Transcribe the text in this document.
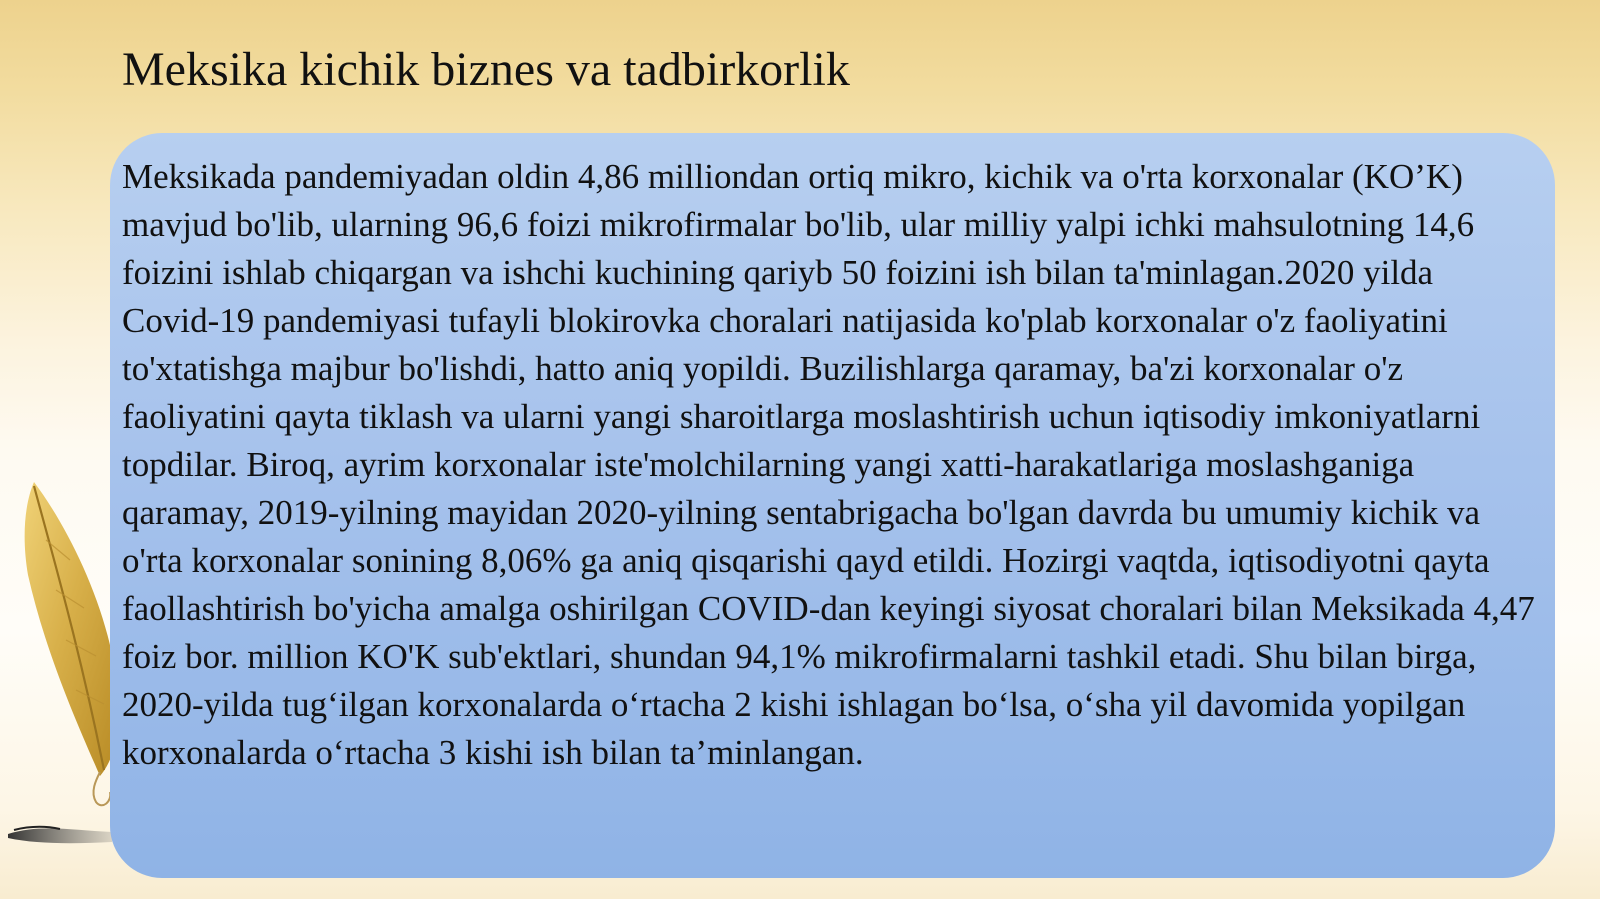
Meksika kichik biznes va tadbirkorlik

Meksikada pandemiyadan oldin 4,86 milliondan ortiq mikro, kichik va o'rta korxonalar (KO’K) mavjud bo'lib, ularning 96,6 foizi mikrofirmalar bo'lib, ular milliy yalpi ichki mahsulotning 14,6 foizini ishlab chiqargan va ishchi kuchining qariyb 50 foizini ish bilan ta'minlagan.2020 yilda Covid-19 pandemiyasi tufayli blokirovka choralari natijasida ko'plab korxonalar o'z faoliyatini to'xtatishga majbur bo'lishdi, hatto aniq yopildi. Buzilishlarga qaramay, ba'zi korxonalar o'z faoliyatini qayta tiklash va ularni yangi sharoitlarga moslashtirish uchun iqtisodiy imkoniyatlarni topdilar. Biroq, ayrim korxonalar iste'molchilarning yangi xatti-harakatlariga moslashganiga qaramay, 2019-yilning mayidan 2020-yilning sentabrigacha bo'lgan davrda bu umumiy kichik va o'rta korxonalar sonining 8,06% ga aniq qisqarishi qayd etildi. Hozirgi vaqtda, iqtisodiyotni qayta faollashtirish bo'yicha amalga oshirilgan COVID-dan keyingi siyosat choralari bilan Meksikada 4,47 foiz bor. million KO'K sub'ektlari, shundan 94,1% mikrofirmalarni tashkil etadi. Shu bilan birga, 2020-yilda tug‘ilgan korxonalarda o‘rtacha 2 kishi ishlagan bo‘lsa, o‘sha yil davomida yopilgan korxonalarda o‘rtacha 3 kishi ish bilan ta’minlangan.
